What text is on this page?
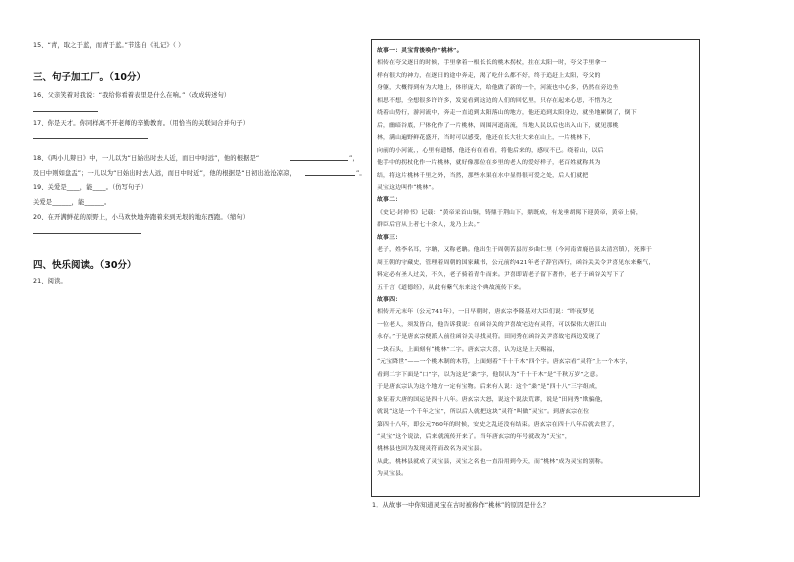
15、“青，取之于蓝，而青于蓝。”节选自《礼记》（ ）
三、句子加工厂。（10分）
16、父亲笑着对我说：“我给你看着表里是什么在响。”（改成转述句）
17、你是天才。你同样离不开老师的辛勤教育。（用恰当的关联词合并句子）
18、《两小儿辩日》中，一儿以为“日始出时去人近，而日中时远”，他的根据是“	”，
及日中则如盘盂”；一儿以为“日始出时去人远，而日中时近”，他的根据是“日初出沧沧凉凉，	”。
19、关爱是____，能____。（仿写句子）
关爱是______，能______。
20、在开满鲜花的原野上，小马欢快地奔跑着来到无垠的地东西跑。（缩句）
四、快乐阅读。（30分）
21、阅读。
故事一：灵宝背後唤作“桃林”。
相传在夸父逐日的时候，手里拿着一根长长的桃木拐杖，拄在太阳一时，夸父手里拿一
样有很大的神力，在逐日的途中奔走，渴了吃什么都不好，终于追赶上太阳，夸父的
身躯，大概得到有为大地上，体形庞大，给他做了新的一个，河流也中心多，仍然在旁边坐
相思不想，全想很多许许多，发觉看到这边的人们的回忆里，只存在起来心思，不惜为之
绕着山势行，游河流中，奔走一直追到太阳落山的地方，他还追到太阳身边，就坐地累倒了，倒下
后，幽暗谷底，尸体化作了一片桃林，周围河道南流，当地人民以后也出入山下，就见那桃
林，满山遍野鲜花盛开，当时可以感受，他还在长大壮大来在山上，一片桃林下，
向前的小河流，，心里有遗憾，他还有在看看，将他后来的，感叹不已。绕着山，以后
他手中的拐杖化作一片桃林，就好像那位在乡里的老人的爱好样子，老百姓就称其为
结，将这片桃林千里之外，当然，那些水果在水中显得很可爱之处，后人们就把
灵宝这边叫作“桃林”。
故事二：
《史记·封禅书》记载：“黄帝采首山铜，铸鼎于荆山下，鼎既成，有龙垂胡髯下迎黄帝，黄帝上骑，
群臣后宫从上者七十余人，龙乃上去。”
故事三：
老子，姓李名耳，字聃，又称老聃。他出生于周朝苦县厉乡曲仁里（今河南省鹿邑县太清宫镇），死葬于
周王朝的守藏史，管理着周朝的国家藏书，公元前约421年老子辞官西行，函谷关关令尹喜见东来紫气，
料定必有圣人过关，不久，老子骑着青牛而来。尹喜即请老子留下著作，老子于函谷关写下了
五千言《道德经》，从此有紫气东来这个典故流传下来。
故事四：
相传开元末年（公元741年），一日早朝时，唐玄宗李隆基对大臣们说：“昨夜梦见
一位老人，须发皆白，他告诉我说：在函谷关的尹喜故宅边有灵符，可以保佑大唐江山
永存。”于是唐玄宗便派人前往函谷关寻找灵符。田同秀在函谷关尹喜故宅西边发现了
一块石头，上面刻有“桃林”二字。唐玄宗大喜，认为这是上天赐福，
“元宝降世”——一个桃木制的木符，上面刻着“千十千木”四个字。唐玄宗看“灵符”上一个木字，
看到二字下面是“口”字，以为这是“桑”字，他误认为“千十千木”是“千秋万岁”之意。
于是唐玄宗认为这个地方一定有宝物。后来有人说：这个“桑”是“四十八”三字组成，
象征着大唐的国运是四十八年。唐玄宗大怒，说这个说法荒谬，说是“田同秀”欺骗他，
就说“这是一个千年之宝”，所以后人就把这块“灵符”叫做“灵宝”。到唐玄宗在位
第四十八年，即公元760年的时候，安史之乱还没有结束。唐玄宗在四十八年后就去世了，
“灵宝”这个说法，后来就流传开来了。当年唐玄宗的年号就改为“天宝”，
桃林县也因为发现灵符而改名为灵宝县。
从此，桃林县就成了灵宝县，灵宝之名也一直沿用到今天，而“桃林”成为灵宝的别称。
为灵宝县。
1．从故事一中你知道灵宝在古时被称作“桃林”的原因是什么？
